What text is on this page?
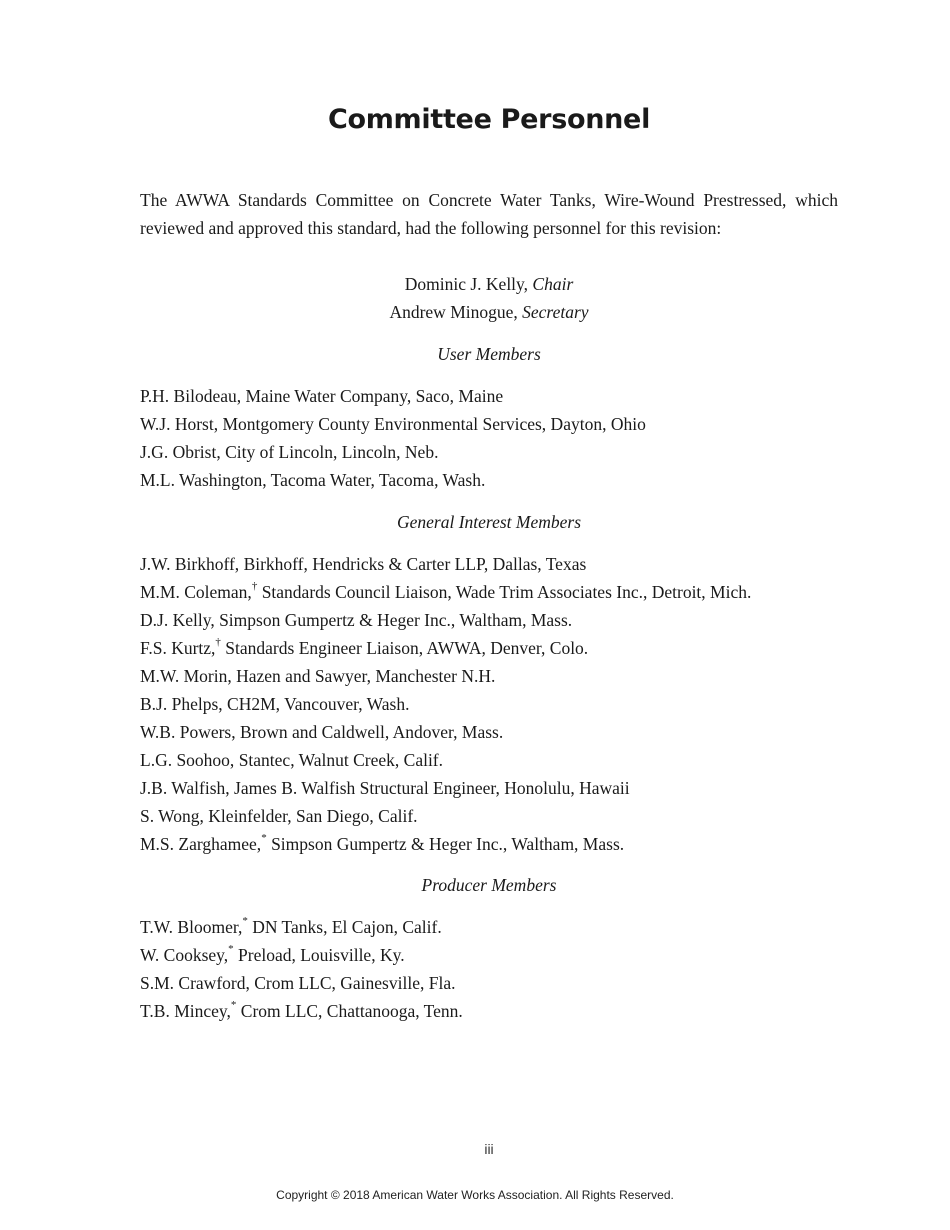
Committee Personnel
The AWWA Standards Committee on Concrete Water Tanks, Wire-Wound Prestressed, which reviewed and approved this standard, had the following personnel for this revision:
Dominic J. Kelly, Chair
Andrew Minogue, Secretary
User Members
P.H. Bilodeau, Maine Water Company, Saco, Maine
W.J. Horst, Montgomery County Environmental Services, Dayton, Ohio
J.G. Obrist, City of Lincoln, Lincoln, Neb.
M.L. Washington, Tacoma Water, Tacoma, Wash.
General Interest Members
J.W. Birkhoff, Birkhoff, Hendricks & Carter LLP, Dallas, Texas
M.M. Coleman,† Standards Council Liaison, Wade Trim Associates Inc., Detroit, Mich.
D.J. Kelly, Simpson Gumpertz & Heger Inc., Waltham, Mass.
F.S. Kurtz,† Standards Engineer Liaison, AWWA, Denver, Colo.
M.W. Morin, Hazen and Sawyer, Manchester N.H.
B.J. Phelps, CH2M, Vancouver, Wash.
W.B. Powers, Brown and Caldwell, Andover, Mass.
L.G. Soohoo, Stantec, Walnut Creek, Calif.
J.B. Walfish, James B. Walfish Structural Engineer, Honolulu, Hawaii
S. Wong, Kleinfelder, San Diego, Calif.
M.S. Zarghamee,* Simpson Gumpertz & Heger Inc., Waltham, Mass.
Producer Members
T.W. Bloomer,* DN Tanks, El Cajon, Calif.
W. Cooksey,* Preload, Louisville, Ky.
S.M. Crawford, Crom LLC, Gainesville, Fla.
T.B. Mincey,* Crom LLC, Chattanooga, Tenn.
iii
Copyright © 2018 American Water Works Association. All Rights Reserved.
